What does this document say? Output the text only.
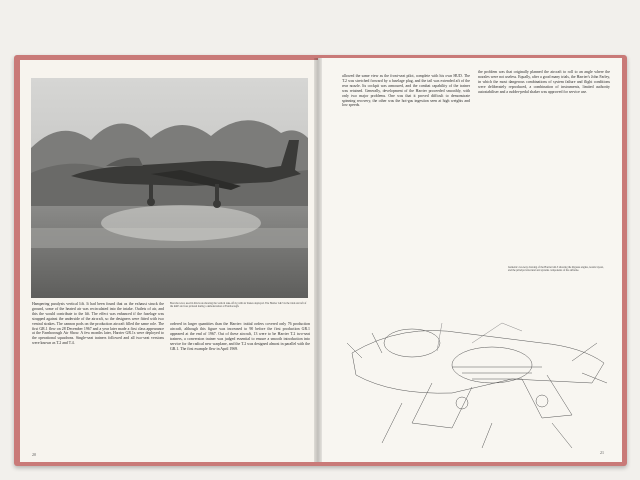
Best shot ever, used in this book showing the vertical take-off rig with air brakes deployed. The Harrier GR.3 is the trials aircraft of the RAE and was pictured during a demonstration at Farnborough.
Hampering paralysis vertical lift. It had been found that as the exhaust struck the ground, some of the heated air was recirculated into the intake. Outlets of air, and this the would contribute to the lift. The effect was enhanced if the fuselage was strapped against the underside of the aircraft, so the designers were fitted with two ventral strakes. The cannon pods on the production aircraft filled the same role. The first GR.1 flew on 28 December 1967 and a year later made a first class appearance at the Farnborough Air Show. A few months later, Harrier GR.1s were deployed to the operational squadrons. Single-seat trainers followed and all two-seat versions were known as T.2 and T.4.
ordered in larger quantities than the Harrier: initial orders covered only 76 production aircraft, although this figure was increased to 90 before the first production GR.1 appeared at the end of 1967. Out of these aircraft, 13 were to be Harrier T.2 two-seat trainers, a conversion trainer was judged essential to ensure a smooth introduction into service for the radical new warplane, and the T.2 was designed almost in parallel with the GR.1. The first example flew in April 1969.
20
allowed the same view as the front-seat pilot, complete with his own HUD. The T.2 was stretched forward by a fuselage plug, and the tail was extended aft of the rear nozzle. Its cockpit was armoured, and the combat capability of the trainer was retained. Generally, development of the Harrier proceeded smoothly, with only two major problems. One was that it proved difficult to demonstrate spinning recovery, the other was the hot-gas ingestion seen at high weights and low speeds.
the problem was that originally planned the aircraft to roll to an angle where the nozzles were not useless. Equally, after a good many trials, the Harrier's John Farley, in which the most dangerous combinations of system failure and flight conditions were deliberately reproduced, a combination of instruments, limited authority autostabiliser and a rudder-pedal shaker was approved for service use.
Isometric cut-away drawing of the Harrier GR.3 showing the Pegasus engine, nozzle layout, and the principal structural and systems components of the airframe.
21
